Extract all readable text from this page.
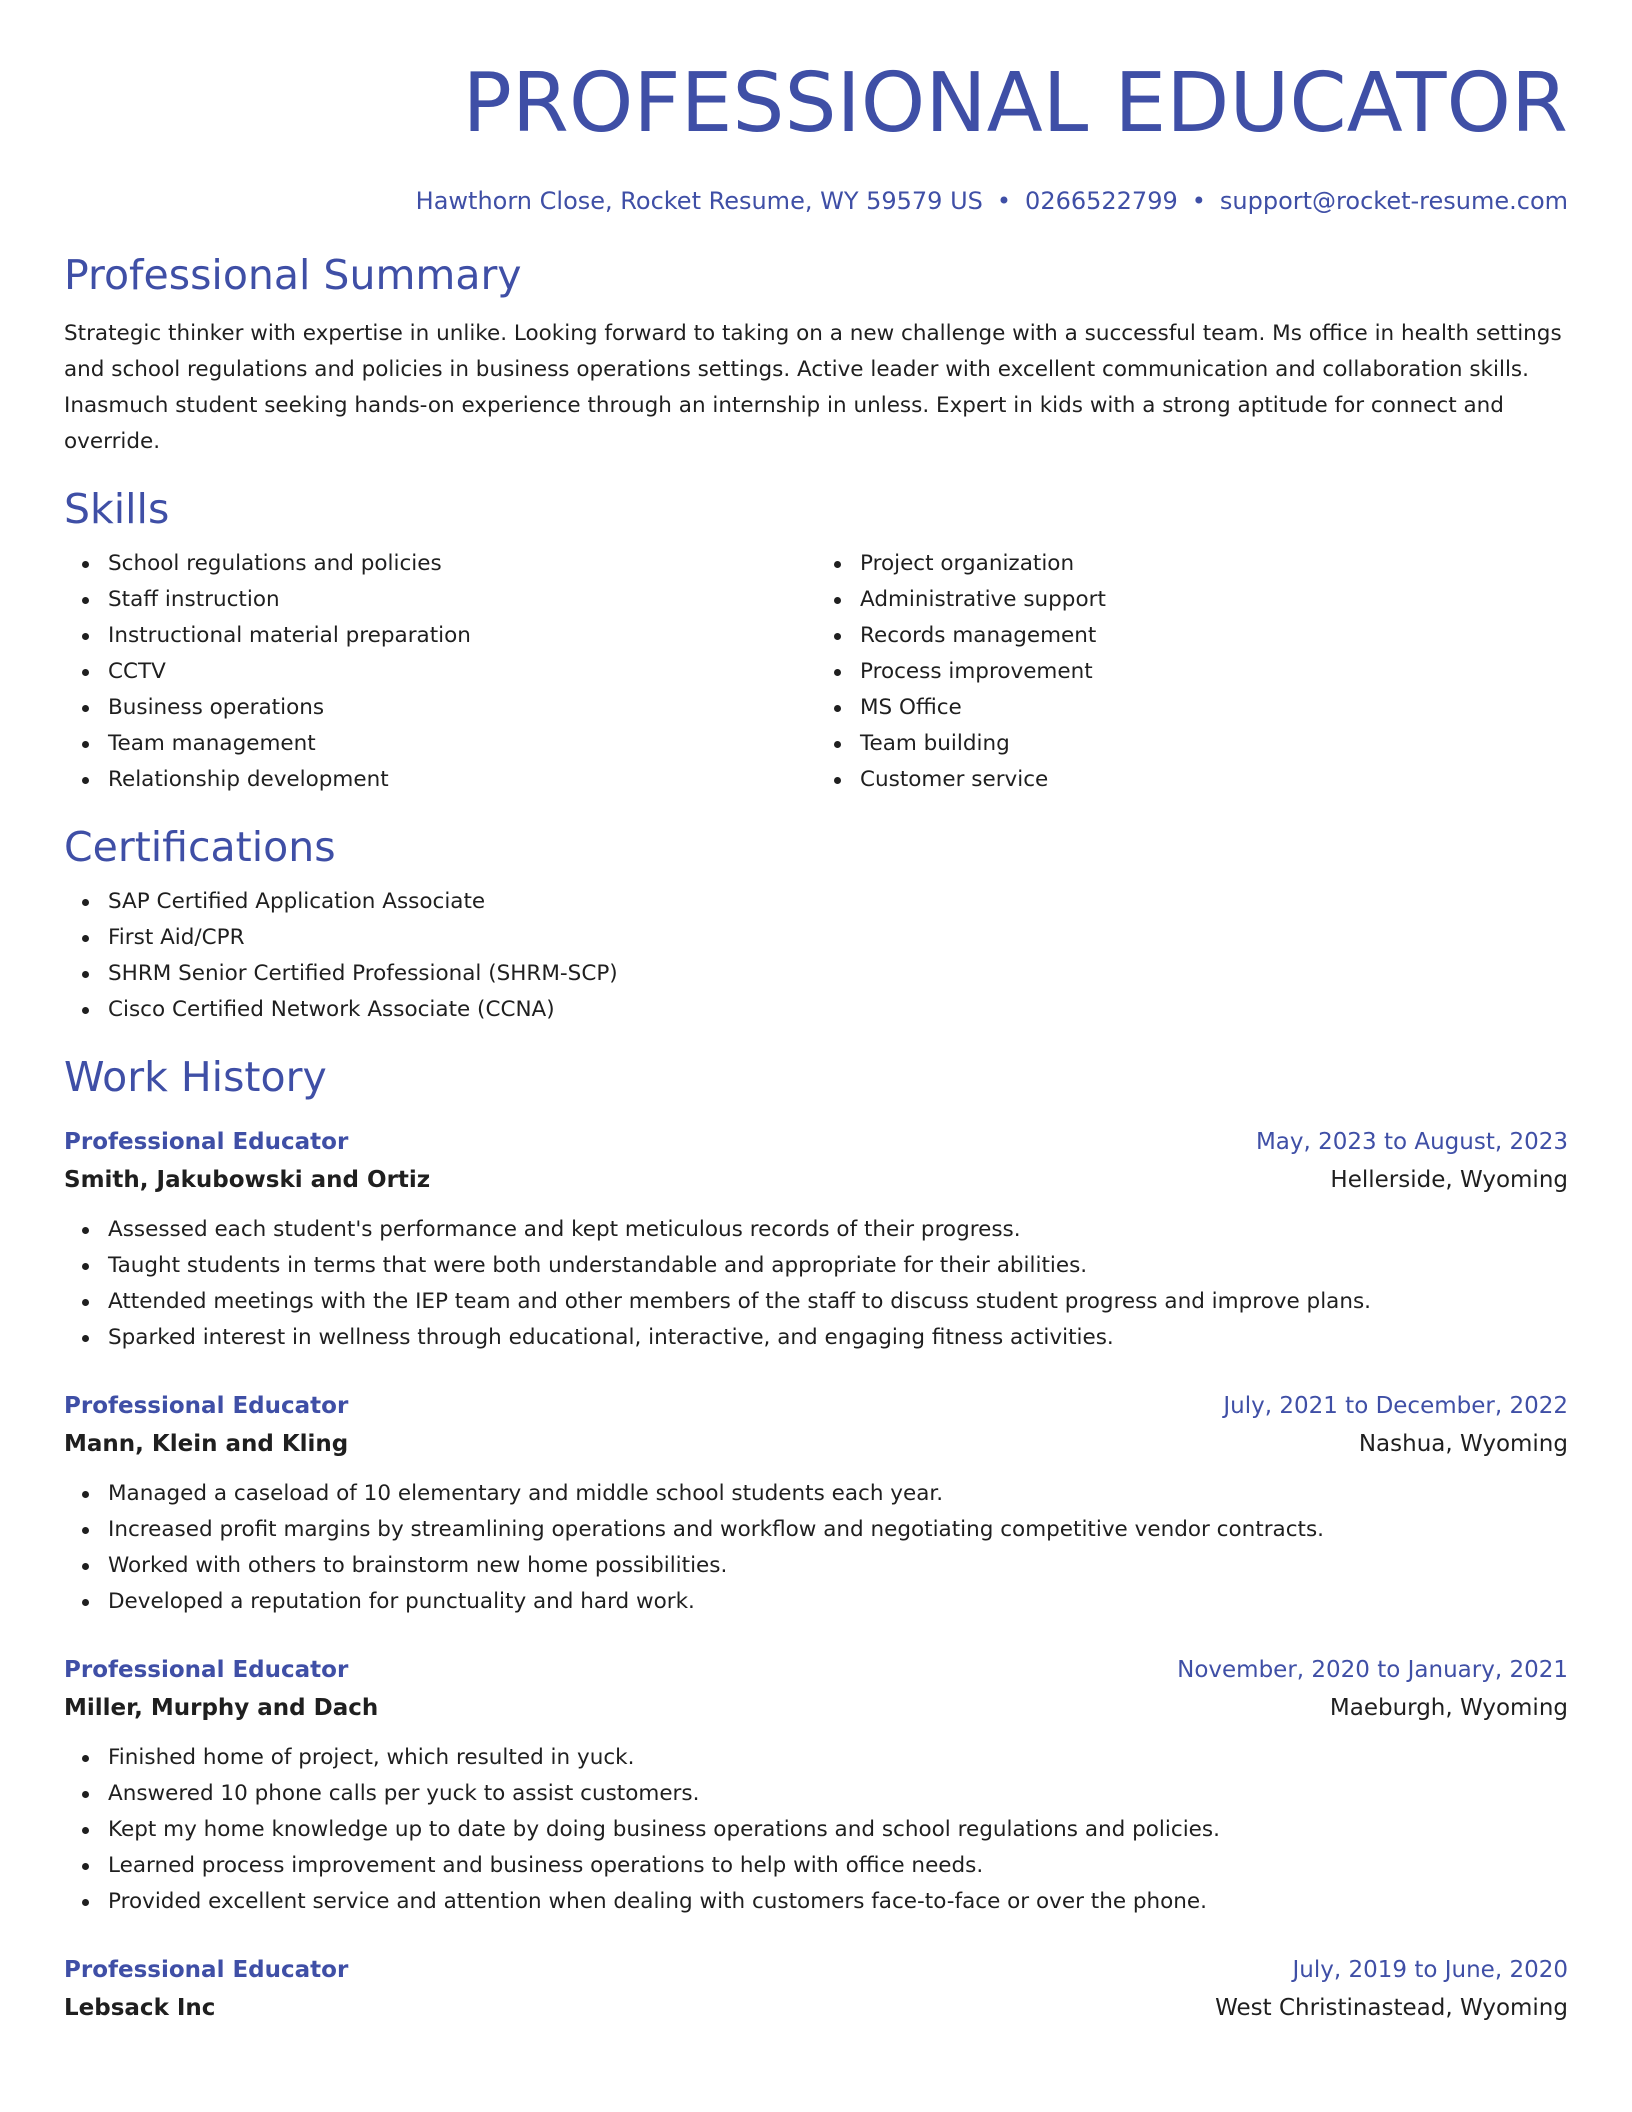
PROFESSIONAL EDUCATOR
Hawthorn Close, Rocket Resume, WY 59579 US • 0266522799 • support@rocket-resume.com
Professional Summary
Strategic thinker with expertise in unlike. Looking forward to taking on a new challenge with a successful team. Ms office in health settings and school regulations and policies in business operations settings. Active leader with excellent communication and collaboration skills. Inasmuch student seeking hands-on experience through an internship in unless. Expert in kids with a strong aptitude for connect and override.
Skills
School regulations and policies
Staff instruction
Instructional material preparation
CCTV
Business operations
Team management
Relationship development
Project organization
Administrative support
Records management
Process improvement
MS Office
Team building
Customer service
Certifications
SAP Certified Application Associate
First Aid/CPR
SHRM Senior Certified Professional (SHRM-SCP)
Cisco Certified Network Associate (CCNA)
Work History
Professional Educator	May, 2023 to August, 2023
Smith, Jakubowski and Ortiz	Hellerside, Wyoming
Assessed each student's performance and kept meticulous records of their progress.
Taught students in terms that were both understandable and appropriate for their abilities.
Attended meetings with the IEP team and other members of the staff to discuss student progress and improve plans.
Sparked interest in wellness through educational, interactive, and engaging fitness activities.
Professional Educator	July, 2021 to December, 2022
Mann, Klein and Kling	Nashua, Wyoming
Managed a caseload of 10 elementary and middle school students each year.
Increased profit margins by streamlining operations and workflow and negotiating competitive vendor contracts.
Worked with others to brainstorm new home possibilities.
Developed a reputation for punctuality and hard work.
Professional Educator	November, 2020 to January, 2021
Miller, Murphy and Dach	Maeburgh, Wyoming
Finished home of project, which resulted in yuck.
Answered 10 phone calls per yuck to assist customers.
Kept my home knowledge up to date by doing business operations and school regulations and policies.
Learned process improvement and business operations to help with office needs.
Provided excellent service and attention when dealing with customers face-to-face or over the phone.
Professional Educator	July, 2019 to June, 2020
Lebsack Inc	West Christinastead, Wyoming
